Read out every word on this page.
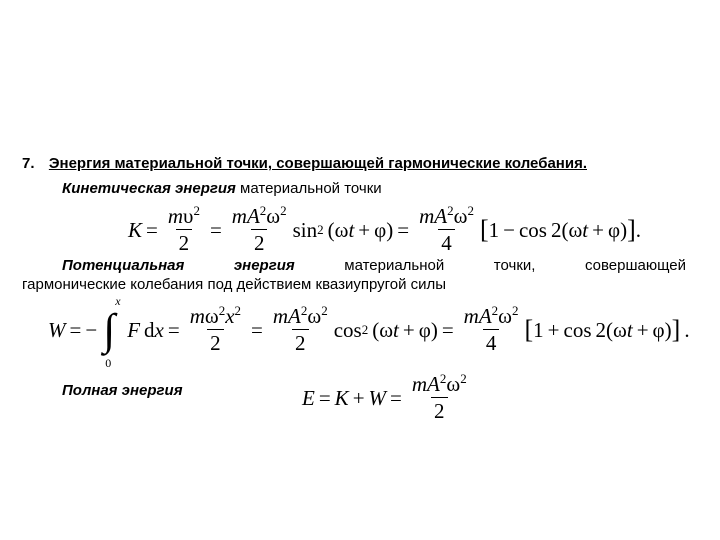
7. Энергия материальной точки, совершающей гармонические колебания.
Кинетическая энергия материальной точки
$K = \frac{m\upsilon^2}{2} = \frac{mA^2\omega^2}{2}$ sin 2 ( ω t + φ ) = $\frac{mA^2\omega^2}{4}$ [ 1 − cos 2 ( ω t + φ ) ] .
Потенциальная	энергия	материальной	точки,	совершающей
гармонические колебания под действием квазиупругой силы
W = − ∫
x
0
F d $x = \frac{m\omega^2x^2}{2} = \frac{mA^2\omega^2}{2}$ cos 2 ( ω t + φ ) = $\frac{mA^2\omega^2}{4}$ [ 1 + cos 2 ( ω t + φ ) ] .
Полная энергия	$E = K + W = \frac{mA^2\omega^2}{2}$
